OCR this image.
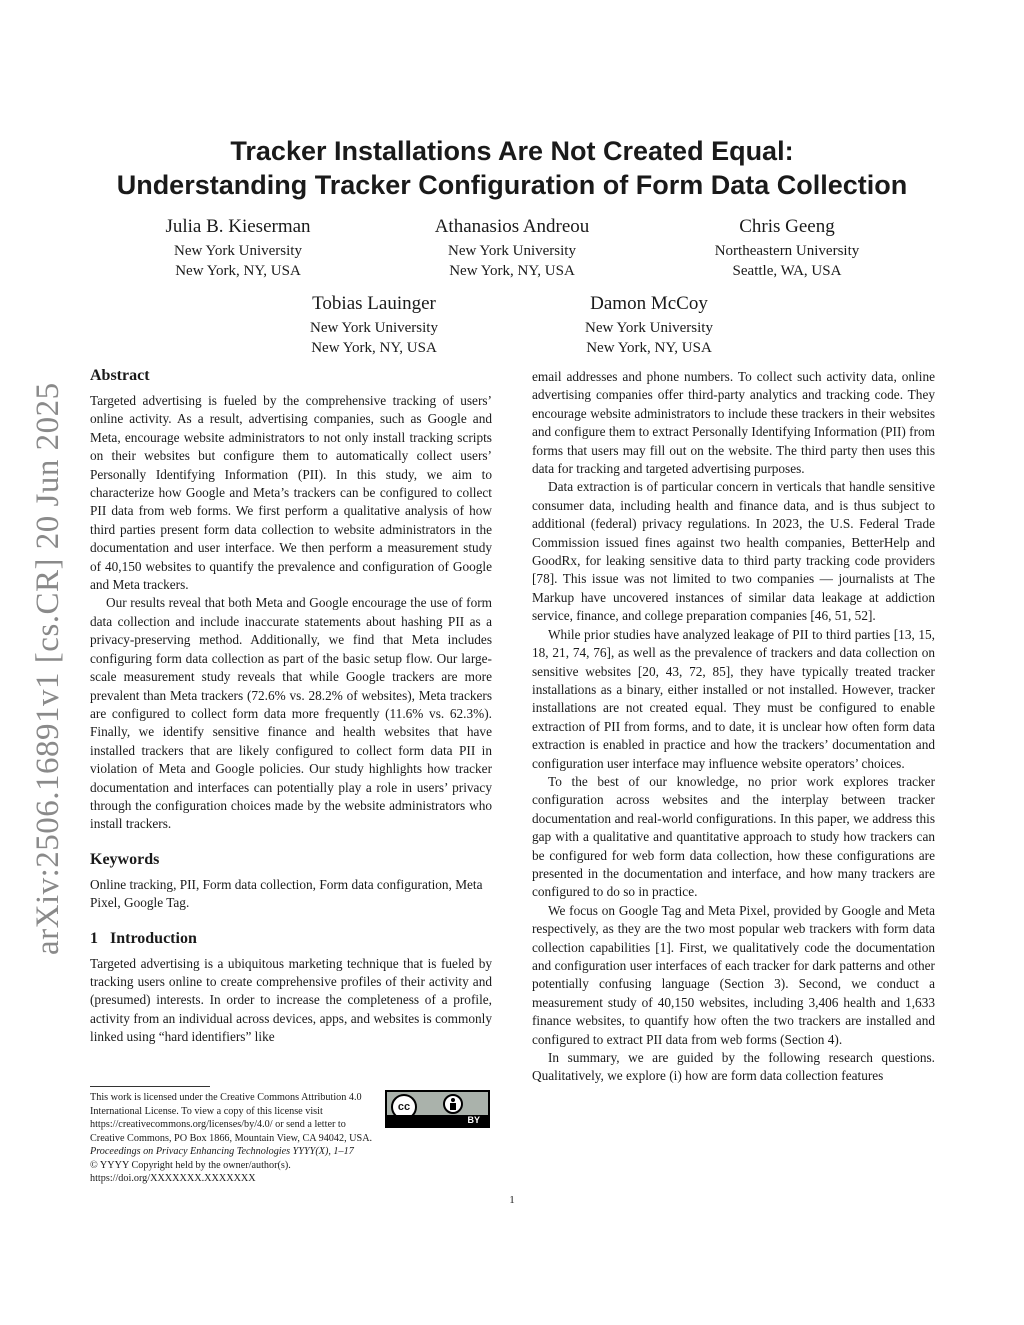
arXiv:2506.16891v1 [cs.CR] 20 Jun 2025
Tracker Installations Are Not Created Equal:
Understanding Tracker Configuration of Form Data Collection
Julia B. Kieserman
New York University
New York, NY, USA
Athanasios Andreou
New York University
New York, NY, USA
Chris Geeng
Northeastern University
Seattle, WA, USA
Tobias Lauinger
New York University
New York, NY, USA
Damon McCoy
New York University
New York, NY, USA
Abstract

Targeted advertising is fueled by the comprehensive tracking of users’ online activity. As a result, advertising companies, such as Google and Meta, encourage website administrators to not only install tracking scripts on their websites but configure them to automatically collect users’ Personally Identifying Information (PII). In this study, we aim to characterize how Google and Meta’s trackers can be configured to collect PII data from web forms. We first perform a qualitative analysis of how third parties present form data collection to website administrators in the documentation and user interface. We then perform a measurement study of 40,150 websites to quantify the prevalence and configuration of Google and Meta trackers.

Our results reveal that both Meta and Google encourage the use of form data collection and include inaccurate statements about hashing PII as a privacy-preserving method. Additionally, we find that Meta includes configuring form data collection as part of the basic setup flow. Our large-scale measurement study reveals that while Google trackers are more prevalent than Meta trackers (72.6% vs. 28.2% of websites), Meta trackers are configured to collect form data more frequently (11.6% vs. 62.3%). Finally, we identify sensitive finance and health websites that have installed trackers that are likely configured to collect form data PII in violation of Meta and Google policies. Our study highlights how tracker documentation and interfaces can potentially play a role in users’ privacy through the configuration choices made by the website administrators who install trackers.

Keywords

Online tracking, PII, Form data collection, Form data configuration, Meta Pixel, Google Tag.

1 Introduction

Targeted advertising is a ubiquitous marketing technique that is fueled by tracking users online to create comprehensive profiles of their activity and (presumed) interests. In order to increase the completeness of a profile, activity from an individual across devices, apps, and websites is commonly linked using “hard identifiers” like

This work is licensed under the Creative Commons Attribution 4.0 International License. To view a copy of this license visit https://creativecommons.org/licenses/by/4.0/ or send a letter to Creative Commons, PO Box 1866, Mountain View, CA 94042, USA.
Proceedings on Privacy Enhancing Technologies YYYY(X), 1–17
© YYYY Copyright held by the owner/author(s).
https://doi.org/XXXXXXX.XXXXXXX
cc
BY

email addresses and phone numbers. To collect such activity data, online advertising companies offer third-party analytics and tracking code. They encourage website administrators to include these trackers in their websites and configure them to extract Personally Identifying Information (PII) from forms that users may fill out on the website. The third party then uses this data for tracking and targeted advertising purposes.

Data extraction is of particular concern in verticals that handle sensitive consumer data, including health and finance data, and is thus subject to additional (federal) privacy regulations. In 2023, the U.S. Federal Trade Commission issued fines against two health companies, BetterHelp and GoodRx, for leaking sensitive data to third party tracking code providers [78]. This issue was not limited to two companies — journalists at The Markup have uncovered instances of similar data leakage at addiction service, finance, and college preparation companies [46, 51, 52].

While prior studies have analyzed leakage of PII to third parties [13, 15, 18, 21, 74, 76], as well as the prevalence of trackers and data collection on sensitive websites [20, 43, 72, 85], they have typically treated tracker installations as a binary, either installed or not installed. However, tracker installations are not created equal. They must be configured to enable extraction of PII from forms, and to date, it is unclear how often form data extraction is enabled in practice and how the trackers’ documentation and configuration user interface may influence website operators’ choices.

To the best of our knowledge, no prior work explores tracker configuration across websites and the interplay between tracker documentation and real-world configurations. In this paper, we address this gap with a qualitative and quantitative approach to study how trackers can be configured for web form data collection, how these configurations are presented in the documentation and interface, and how many trackers are configured to do so in practice.

We focus on Google Tag and Meta Pixel, provided by Google and Meta respectively, as they are the two most popular web trackers with form data collection capabilities [1]. First, we qualitatively code the documentation and configuration user interfaces of each tracker for dark patterns and other potentially confusing language (Section 3). Second, we conduct a measurement study of 40,150 websites, including 3,406 health and 1,633 finance websites, to quantify how often the two trackers are installed and configured to extract PII data from web forms (Section 4).

In summary, we are guided by the following research questions. Qualitatively, we explore (i) how are form data collection features

1
